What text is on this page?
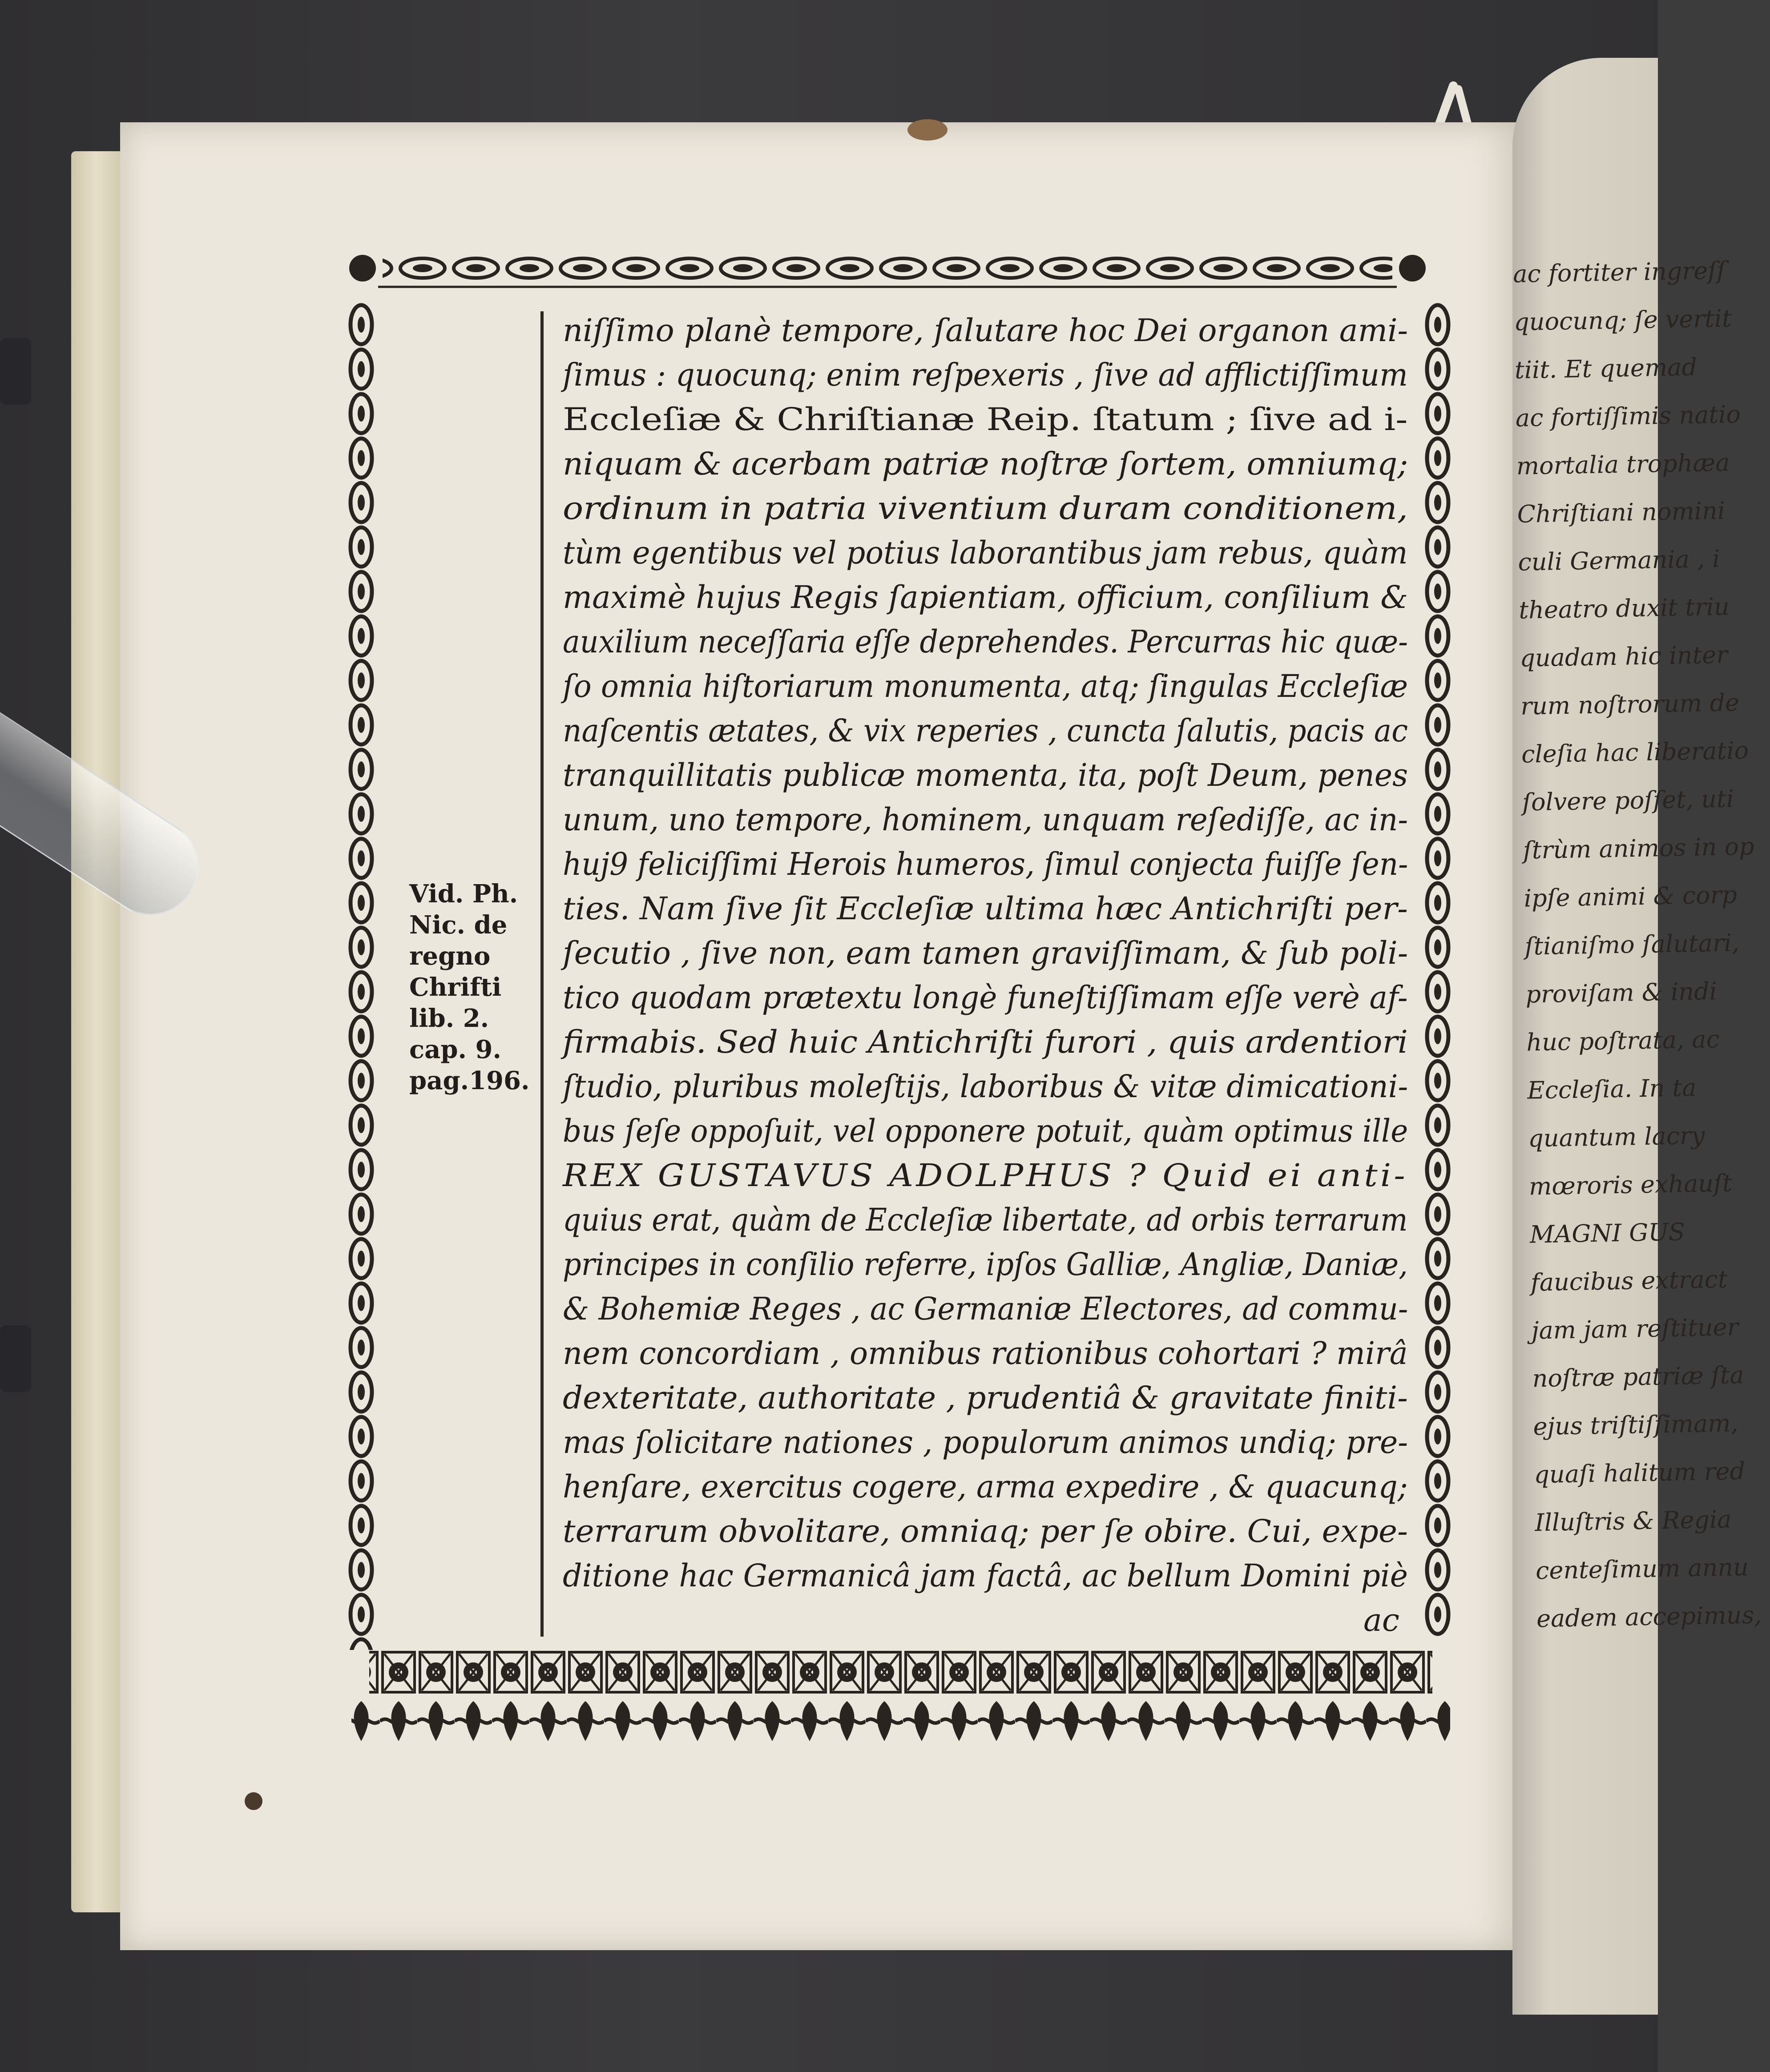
ac fortiter ingreſſ
quocunq; ſe vertit
tiit. Et quemad
ac fortiſſimis natio
mortalia trophæa
Chriſtiani nomini
culi Germania , i
theatro duxit triu
quadam hic inter
rum noſtrorum de
cleſia hac liberatio
ſolvere poſſet, uti
ſtrùm animos in op
ipſe animi & corp
ſtianiſmo ſalutari,
proviſam & indi
huc poſtrata, ac
Eccleſia. In ta
quantum lacry
mœroris exhauſt
MAGNI GUS
faucibus extract
jam jam reſtituer
noſtræ patriæ ſta
ejus triſtiſſimam,
quaſi halitum red
Illuſtris & Regia
centeſimum annu
eadem accepimus,
Vid. Ph.
Nic. de
regno
Chrifti
lib. 2.
cap. 9.
pag.196.
niſſimo planè tempore, ſalutare hoc Dei organon ami-
ſimus : quocunq; enim reſpexeris , ſive ad afflictiſſimum
Eccleſiæ & Chriſtianæ Reip. ſtatum ; ſive ad i-
niquam & acerbam patriæ noſtræ ſortem, omniumq;
ordinum in patria viventium duram conditionem,
tùm egentibus vel potius laborantibus jam rebus, quàm
maximè hujus Regis ſapientiam, officium, conſilium &
auxilium neceſſaria eſſe deprehendes. Percurras hic quæ-
ſo omnia hiſtoriarum monumenta, atq; ſingulas Eccleſiæ
naſcentis ætates, & vix reperies , cuncta ſalutis, pacis ac
tranquillitatis publicæ momenta, ita, poſt Deum, penes
unum, uno tempore, hominem, unquam reſediſſe, ac in-
huj9 feliciſſimi Herois humeros, ſimul conjecta fuiſſe ſen-
ties. Nam ſive ſit Eccleſiæ ultima hæc Antichriſti per-
ſecutio , ſive non, eam tamen graviſſimam, & ſub poli-
tico quodam prætextu longè funeſtiſſimam eſſe verè af-
firmabis. Sed huic Antichriſti furori , quis ardentiori
ſtudio, pluribus moleſtijs, laboribus & vitæ dimicationi-
bus ſeſe oppoſuit, vel opponere potuit, quàm optimus ille
REX GUSTAVUS ADOLPHUS ? Quid ei anti-
quius erat, quàm de Eccleſiæ libertate, ad orbis terrarum
principes in conſilio referre, ipſos Galliæ, Angliæ, Daniæ,
& Bohemiæ Reges , ac Germaniæ Electores, ad commu-
nem concordiam , omnibus rationibus cohortari ? mirâ
dexteritate, authoritate , prudentiâ & gravitate finiti-
mas ſolicitare nationes , populorum animos undiq; pre-
henſare, exercitus cogere, arma expedire , & quacunq;
terrarum obvolitare, omniaq; per ſe obire. Cui, expe-
ditione hac Germanicâ jam factâ, ac bellum Domini piè
ac
